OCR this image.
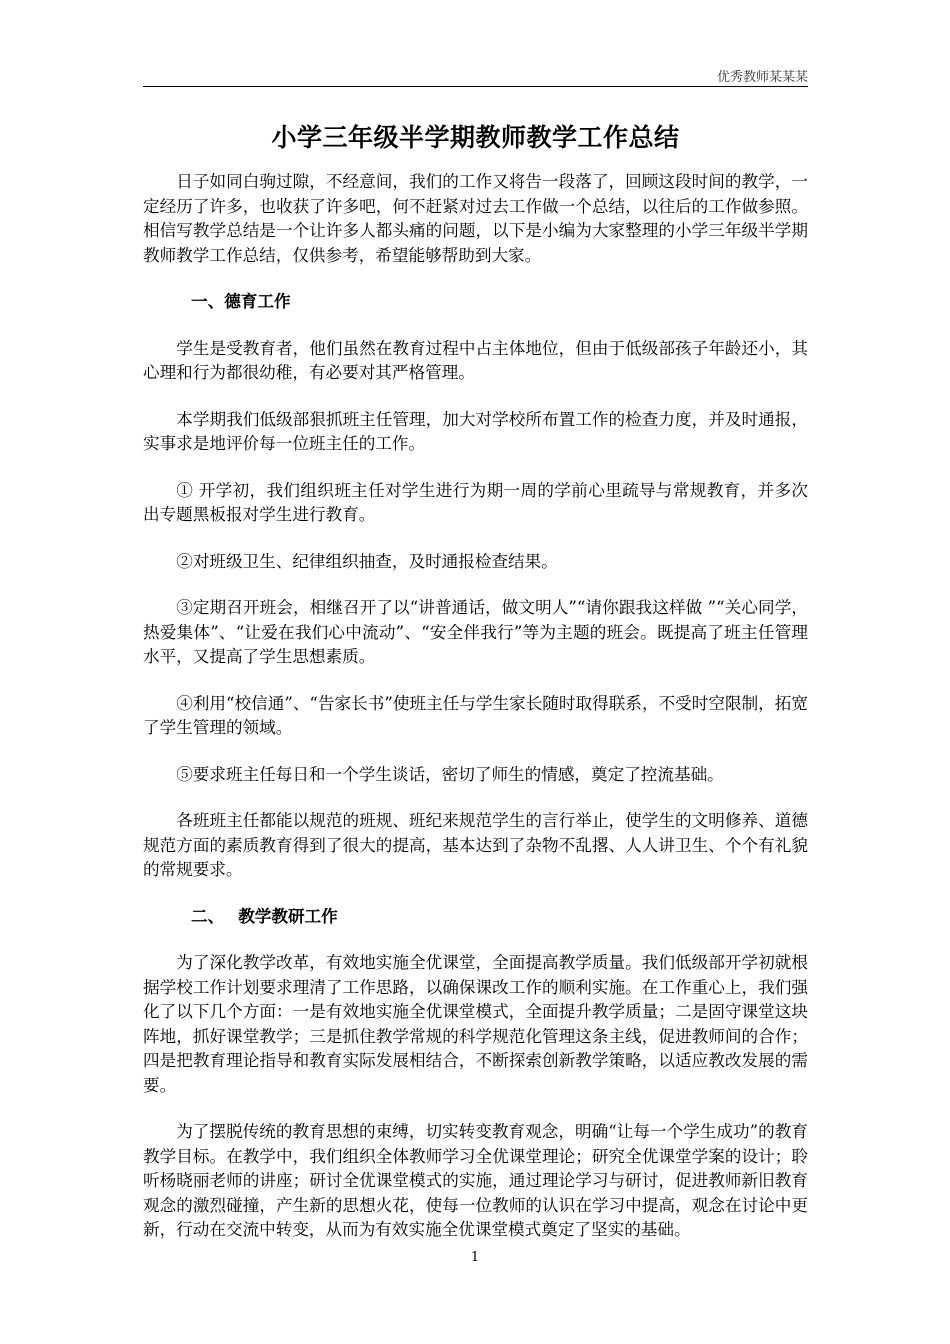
优秀教师某某某
小学三年级半学期教师教学工作总结

日子如同白驹过隙，不经意间，我们的工作又将告一段落了，回顾这段时间的教学，一定经历了许多，也收获了许多吧，何不赶紧对过去工作做一个总结，以往后的工作做参照。相信写教学总结是一个让许多人都头痛的问题，以下是小编为大家整理的小学三年级半学期教师教学工作总结，仅供参考，希望能够帮助到大家。

一、德育工作

学生是受教育者，他们虽然在教育过程中占主体地位，但由于低级部孩子年龄还小，其心理和行为都很幼稚，有必要对其严格管理。

本学期我们低级部狠抓班主任管理，加大对学校所布置工作的检查力度，并及时通报，实事求是地评价每一位班主任的工作。

① 开学初，我们组织班主任对学生进行为期一周的学前心里疏导与常规教育，并多次出专题黑板报对学生进行教育。

②对班级卫生、纪律组织抽查，及时通报检查结果。

③定期召开班会，相继召开了以“讲普通话，做文明人”“请你跟我这样做 ”“关心同学，热爱集体”、“让爱在我们心中流动”、“安全伴我行”等为主题的班会。既提高了班主任管理水平，又提高了学生思想素质。

④利用“校信通”、“告家长书”使班主任与学生家长随时取得联系，不受时空限制，拓宽了学生管理的领域。

⑤要求班主任每日和一个学生谈话，密切了师生的情感，奠定了控流基础。

各班班主任都能以规范的班规、班纪来规范学生的言行举止，使学生的文明修养、道德规范方面的素质教育得到了很大的提高，基本达到了杂物不乱撂、人人讲卫生、个个有礼貌的常规要求。

二、 教学教研工作

为了深化教学改革，有效地实施全优课堂，全面提高教学质量。我们低级部开学初就根据学校工作计划要求理清了工作思路，以确保课改工作的顺利实施。在工作重心上，我们强化了以下几个方面：一是有效地实施全优课堂模式，全面提升教学质量；二是固守课堂这块阵地，抓好课堂教学；三是抓住教学常规的科学规范化管理这条主线，促进教师间的合作；四是把教育理论指导和教育实际发展相结合，不断探索创新教学策略，以适应教改发展的需要。

为了摆脱传统的教育思想的束缚，切实转变教育观念，明确“让每一个学生成功”的教育教学目标。在教学中，我们组织全体教师学习全优课堂理论；研究全优课堂学案的设计；聆听杨晓丽老师的讲座；研讨全优课堂模式的实施，通过理论学习与研讨，促进教师新旧教育观念的激烈碰撞，产生新的思想火花，使每一位教师的认识在学习中提高，观念在讨论中更新，行动在交流中转变，从而为有效实施全优课堂模式奠定了坚实的基础。

1
